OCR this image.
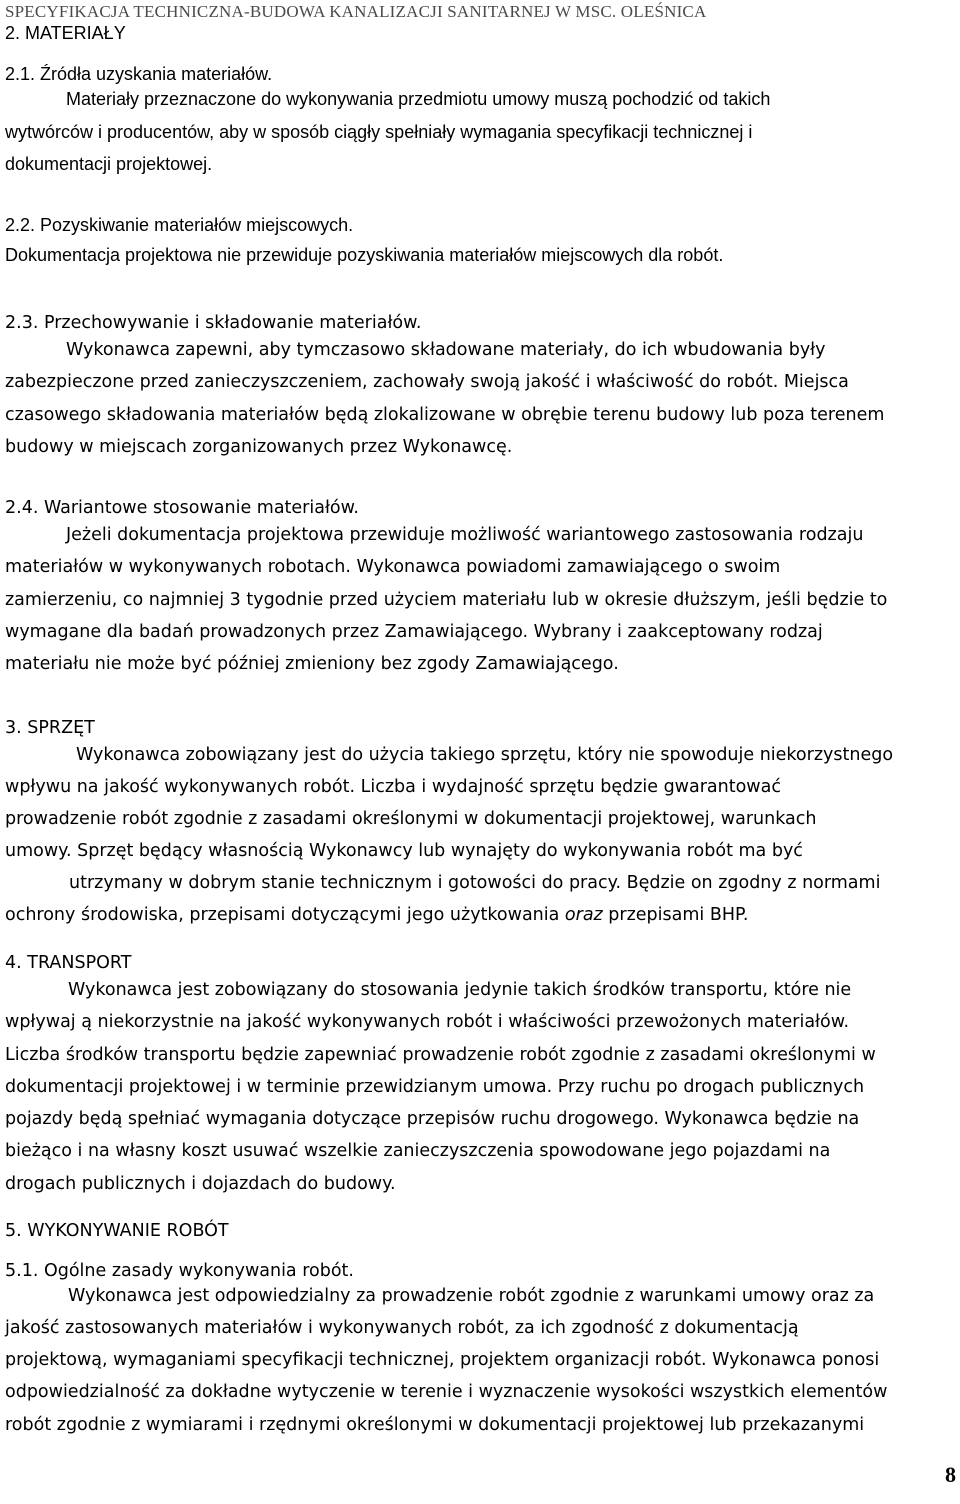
SPECYFIKACJA TECHNICZNA-BUDOWA KANALIZACJI SANITARNEJ W MSC. OLEŚNICA
2. MATERIAŁY
2.1. Źródła uzyskania materiałów.
Materiały przeznaczone do wykonywania przedmiotu umowy muszą pochodzić od takich
wytwórców i producentów, aby w sposób ciągły spełniały wymagania specyfikacji technicznej i
dokumentacji projektowej.
2.2. Pozyskiwanie materiałów miejscowych.
Dokumentacja projektowa nie przewiduje pozyskiwania materiałów miejscowych dla robót.
2.3. Przechowywanie i składowanie materiałów.
Wykonawca zapewni, aby tymczasowo składowane materiały, do ich wbudowania były
zabezpieczone przed zanieczyszczeniem, zachowały swoją jakość i właściwość do robót. Miejsca
czasowego składowania materiałów będą zlokalizowane w obrębie terenu budowy lub poza terenem
budowy w miejscach zorganizowanych przez Wykonawcę.
2.4. Wariantowe stosowanie materiałów.
Jeżeli dokumentacja projektowa przewiduje możliwość wariantowego zastosowania rodzaju
materiałów w wykonywanych robotach. Wykonawca powiadomi zamawiającego o swoim
zamierzeniu, co najmniej 3 tygodnie przed użyciem materiału lub w okresie dłuższym, jeśli będzie to
wymagane dla badań prowadzonych przez Zamawiającego. Wybrany i zaakceptowany rodzaj
materiału nie może być później zmieniony bez zgody Zamawiającego.
3. SPRZĘT
Wykonawca zobowiązany jest do użycia takiego sprzętu, który nie spowoduje niekorzystnego
wpływu na jakość wykonywanych robót. Liczba i wydajność sprzętu będzie gwarantować
prowadzenie robót zgodnie z zasadami określonymi w dokumentacji projektowej, warunkach
umowy. Sprzęt będący własnością Wykonawcy lub wynajęty do wykonywania robót ma być
utrzymany w dobrym stanie technicznym i gotowości do pracy. Będzie on zgodny z normami
ochrony środowiska, przepisami dotyczącymi jego użytkowania oraz przepisami BHP.
4. TRANSPORT
Wykonawca jest zobowiązany do stosowania jedynie takich środków transportu, które nie
wpływaj ą niekorzystnie na jakość wykonywanych robót i właściwości przewożonych materiałów.
Liczba środków transportu będzie zapewniać prowadzenie robót zgodnie z zasadami określonymi w
dokumentacji projektowej i w terminie przewidzianym umowa. Przy ruchu po drogach publicznych
pojazdy będą spełniać wymagania dotyczące przepisów ruchu drogowego. Wykonawca będzie na
bieżąco i na własny koszt usuwać wszelkie zanieczyszczenia spowodowane jego pojazdami na
drogach publicznych i dojazdach do budowy.
5. WYKONYWANIE ROBÓT
5.1. Ogólne zasady wykonywania robót.
Wykonawca jest odpowiedzialny za prowadzenie robót zgodnie z warunkami umowy oraz za
jakość zastosowanych materiałów i wykonywanych robót, za ich zgodność z dokumentacją
projektową, wymaganiami specyfikacji technicznej, projektem organizacji robót. Wykonawca ponosi
odpowiedzialność za dokładne wytyczenie w terenie i wyznaczenie wysokości wszystkich elementów
robót zgodnie z wymiarami i rzędnymi określonymi w dokumentacji projektowej lub przekazanymi
8
